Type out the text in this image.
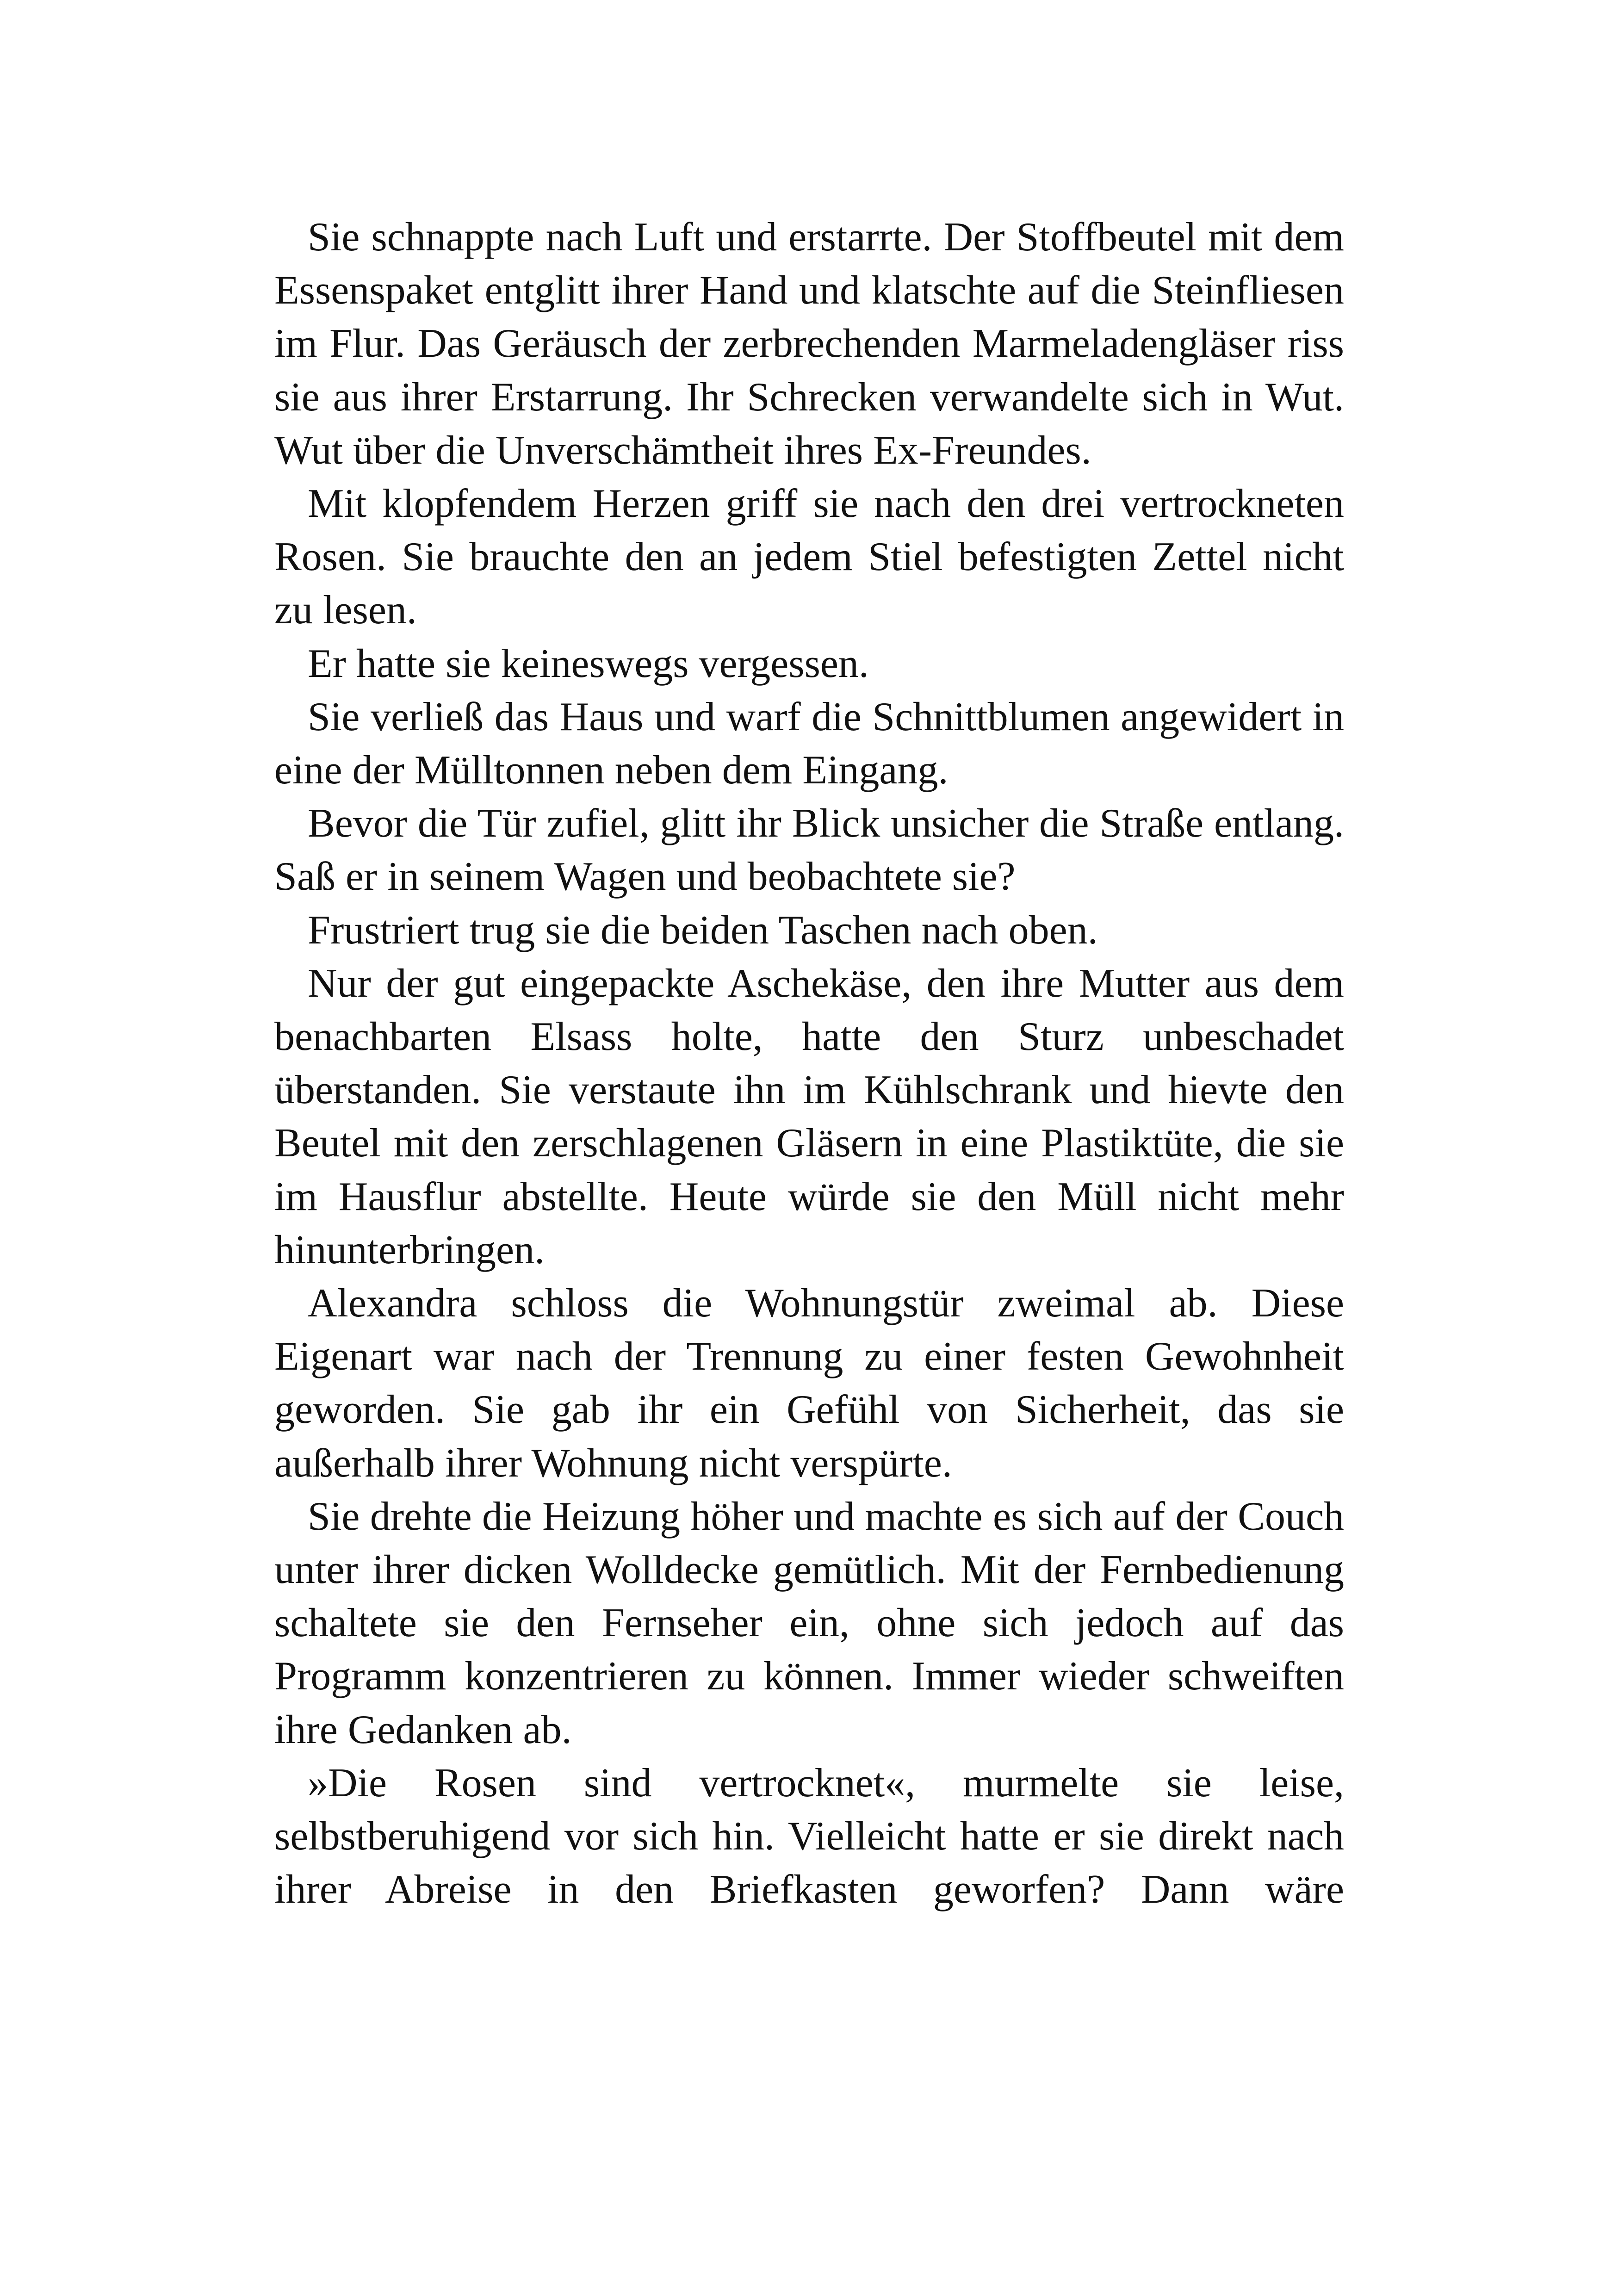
Sie schnappte nach Luft und erstarrte. Der Stoffbeutel mit dem Essenspaket entglitt ihrer Hand und klatschte auf die Steinfliesen im Flur. Das Geräusch der zerbrechenden Marmeladengläser riss sie aus ihrer Erstarrung. Ihr Schrecken verwandelte sich in Wut. Wut über die Unverschämtheit ihres Ex-Freundes.

Mit klopfendem Herzen griff sie nach den drei vertrockneten Rosen. Sie brauchte den an jedem Stiel befestigten Zettel nicht zu lesen.

Er hatte sie keineswegs vergessen.

Sie verließ das Haus und warf die Schnittblumen angewidert in eine der Mülltonnen neben dem Eingang.

Bevor die Tür zufiel, glitt ihr Blick unsicher die Straße entlang. Saß er in seinem Wagen und beobachtete sie?

Frustriert trug sie die beiden Taschen nach oben.

Nur der gut eingepackte Aschekäse, den ihre Mutter aus dem benachbarten Elsass holte, hatte den Sturz unbeschadet überstanden. Sie verstaute ihn im Kühlschrank und hievte den Beutel mit den zerschlagenen Gläsern in eine Plastiktüte, die sie im Hausflur abstellte. Heute würde sie den Müll nicht mehr hinunterbringen.

Alexandra schloss die Wohnungstür zweimal ab. Diese Eigenart war nach der Trennung zu einer festen Gewohnheit geworden. Sie gab ihr ein Gefühl von Sicherheit, das sie außerhalb ihrer Wohnung nicht verspürte.

Sie drehte die Heizung höher und machte es sich auf der Couch unter ihrer dicken Wolldecke gemütlich. Mit der Fernbedienung schaltete sie den Fernseher ein, ohne sich jedoch auf das Programm konzentrieren zu können. Immer wieder schweiften ihre Gedanken ab.

»Die Rosen sind vertrocknet«, murmelte sie leise, selbstberuhigend vor sich hin. Vielleicht hatte er sie direkt nach ihrer Abreise in den Briefkasten geworfen? Dann wäre
